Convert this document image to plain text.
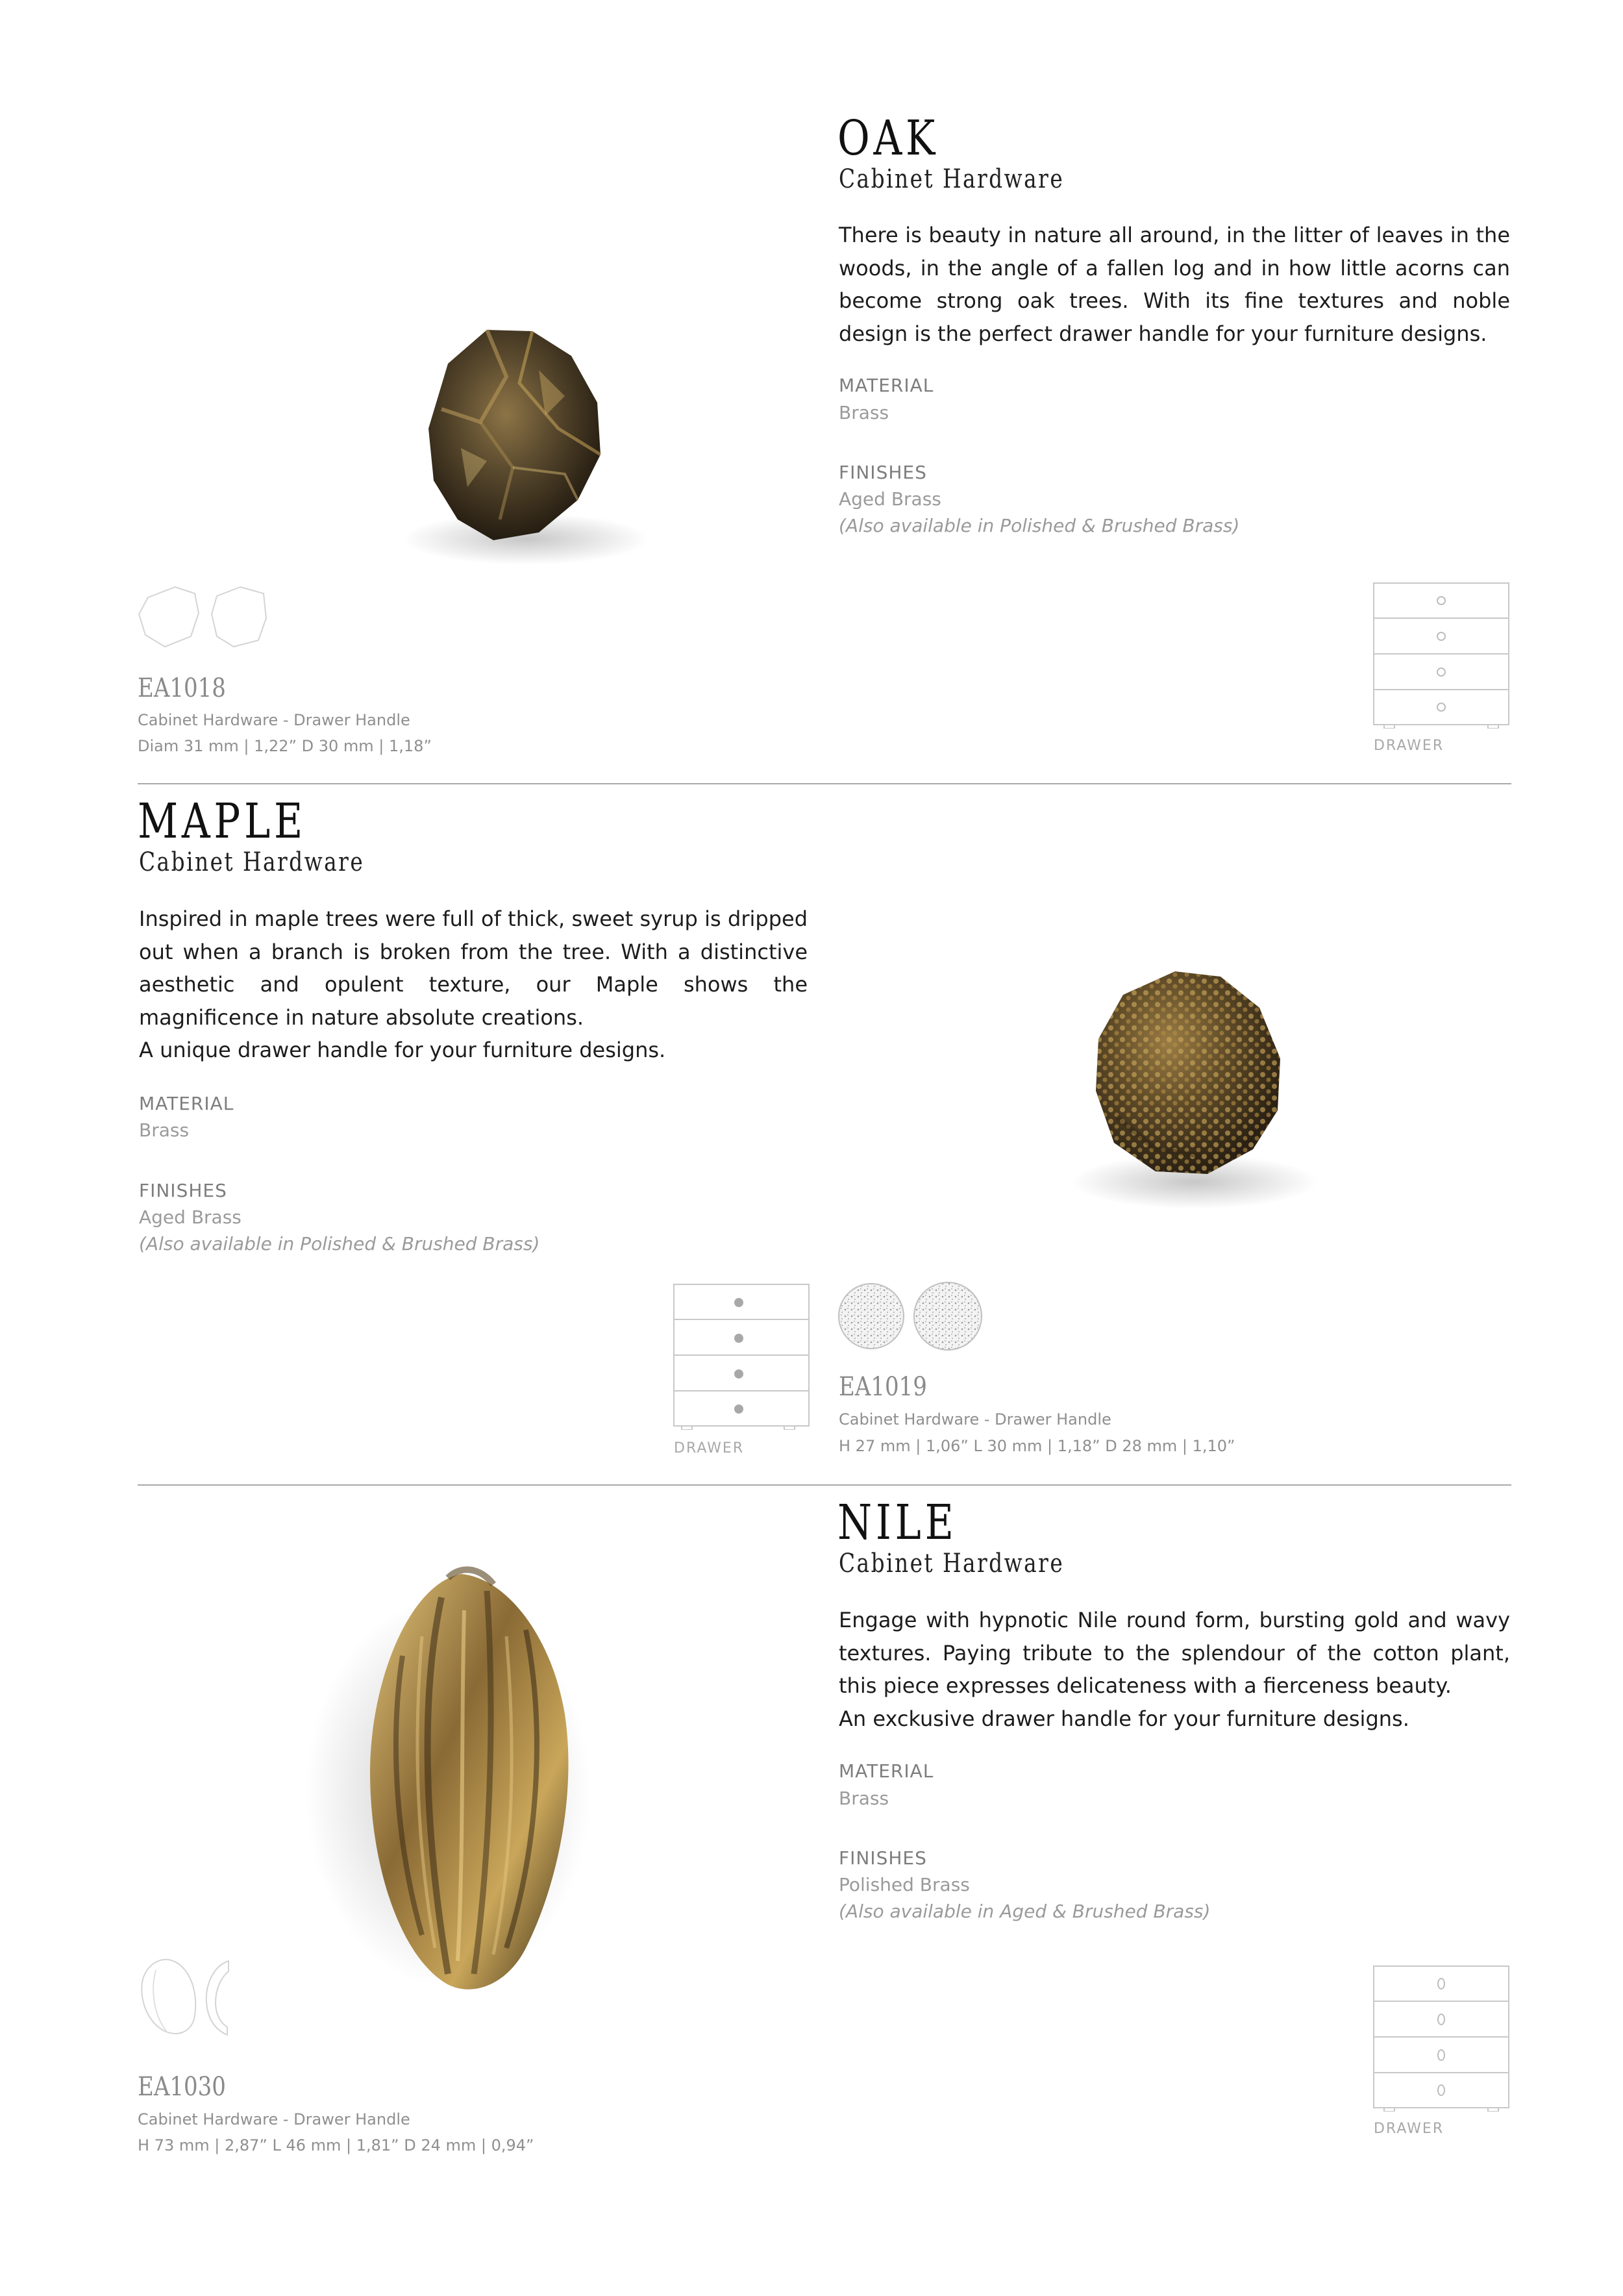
OAK
Cabinet Hardware

There is beauty in nature all around, in the litter of leaves in the woods, in the angle of a fallen log and in how little acorns can become strong oak trees. With its fine textures and noble design is the perfect drawer handle for your furniture designs.

MATERIAL
Brass
FINISHES
Aged Brass
(Also available in Polished & Brushed Brass)
EA1018
Cabinet Hardware - Drawer Handle
Diam 31 mm | 1,22” D 30 mm | 1,18”	DRAWER
MAPLE
Cabinet Hardware

Inspired in maple trees were full of thick, sweet syrup is dripped out when a branch is broken from the tree. With a distinctive aesthetic and opulent texture, our Maple shows the magnificence in nature absolute creations.

A unique drawer handle for your furniture designs.

MATERIAL
Brass
FINISHES
Aged Brass
(Also available in Polished & Brushed Brass)
DRAWER
EA1019
Cabinet Hardware - Drawer Handle
H 27 mm | 1,06” L 30 mm | 1,18” D 28 mm | 1,10”
NILE
Cabinet Hardware

Engage with hypnotic Nile round form, bursting gold and wavy textures. Paying tribute to the splendour of the cotton plant, this piece expresses delicateness with a fierceness beauty.

An exckusive drawer handle for your furniture designs.

MATERIAL
Brass
FINISHES
Polished Brass
(Also available in Aged & Brushed Brass)
EA1030
Cabinet Hardware - Drawer Handle
H 73 mm | 2,87” L 46 mm | 1,81” D 24 mm | 0,94”
DRAWER
